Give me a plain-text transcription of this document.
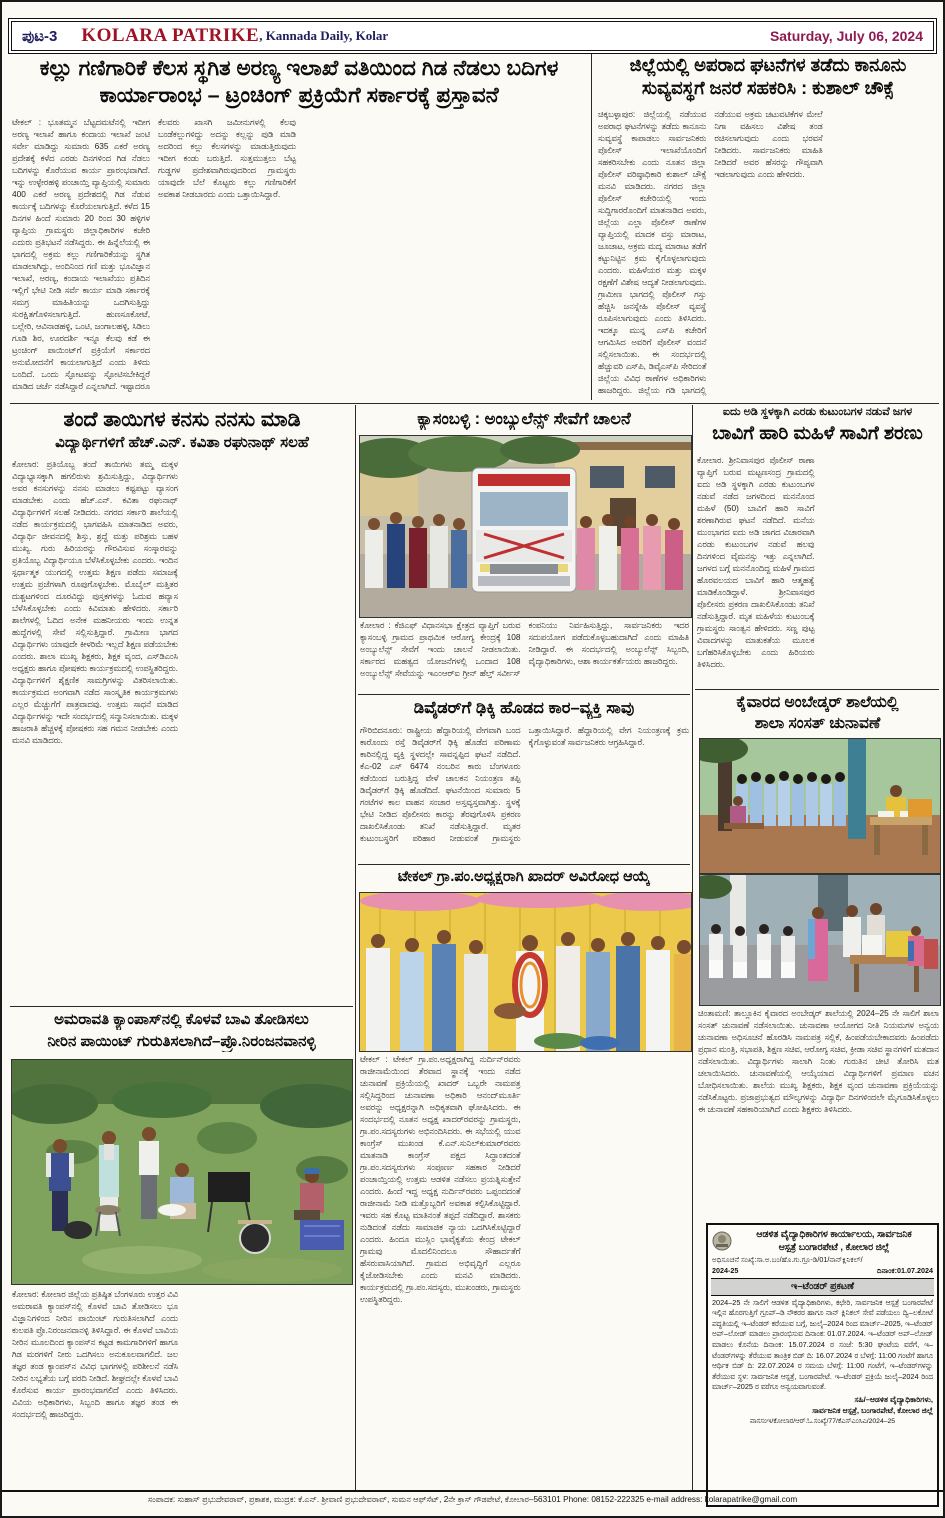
ಪುಟ-3 KOLARA PATRIKE , Kannada Daily, Kolar	Saturday, July 06, 2024
ಕಲ್ಲು ಗಣಿಗಾರಿಕೆ ಕೆಲಸ ಸ್ಥಗಿತ ಅರಣ್ಯ ಇಲಾಖೆ ವತಿಯಿಂದ ಗಿಡ ನೆಡಲು ಬದಿಗಳ ಕಾರ್ಯಾರಾಂಭ – ಟ್ರಂಚಿಂಗ್ ಪ್ರಕ್ರಿಯೆಗೆ ಸರ್ಕಾರಕ್ಕೆ ಪ್ರಸ್ತಾವನೆ
ಟೇಕಲ್ : ಭೂತಮ್ಮನ ಬೆಟ್ಟದಮಟೆನಲ್ಲಿ ಇದೀಗ ಅರಣ್ಯ ಇಲಾಖೆ ಹಾಗೂ ಕಂದಾಯ ಇಲಾಖೆ ಜಂಟಿ ಸರ್ವೇ ಮಾಡಿದ್ದು ಸುಮಾರು 635 ಎಕರೆ ಅರಣ್ಯ ಪ್ರದೇಶಕ್ಕೆ ಕಳೆದ ಎರಡು ದಿನಗಳಿಂದ ಗಿಡ ನೆಡಲು ಬದಿಗಳನ್ನು ಕೊರೆಯುವ ಕಾರ್ಯ ಪ್ರಾರಂಭವಾಗಿದೆ. ಇನ್ನು ಉಳ್ಳೇರಹಳ್ಳಿ ಪಂಚಾಯ್ತಿ ವ್ಯಾಪ್ತಿಯಲ್ಲಿ ಸುಮಾರು 400 ಎಕರೆ ಅರಣ್ಯ ಪ್ರದೇಶದಲ್ಲಿ ಗಿಡ ನೆಡುವ ಕಾರ್ಯಕ್ಕೆ ಬದಿಗಳನ್ನು ಕೊರೆಯಲಾಗುತ್ತಿದೆ. ಕಳೆದ 15 ದಿನಗಳ ಹಿಂದೆ ಸುಮಾರು 20 ರಿಂದ 30 ಹಳ್ಳಿಗಳ ವ್ಯಾಪ್ತಿಯ ಗ್ರಾಮಸ್ಥರು ಜಿಲ್ಲಾಧಿಕಾರಿಗಳ ಕಚೇರಿ ಎದುರು ಪ್ರತಿಭಟನೆ ನಡೆಸಿದ್ದರು. ಈ ಹಿನ್ನೆಲೆಯಲ್ಲಿ ಈ ಭಾಗದಲ್ಲಿ ಅಕ್ರಮ ಕಲ್ಲು ಗಣಿಗಾರಿಕೆಯನ್ನು ಸ್ಥಗಿತ ಮಾಡಲಾಗಿದ್ದು, ಅಂದಿನಿಂದ ಗಣಿ ಮತ್ತು ಭೂವಿಜ್ಞಾನ ಇಲಾಖೆ, ಅರಣ್ಯ, ಕಂದಾಯ ಇಲಾಖೆಯು ಪ್ರತಿದಿನ ಇಲ್ಲಿಗೆ ಭೇಟಿ ನೀಡಿ ಸರ್ವೆ ಕಾರ್ಯ ಮಾಡಿ ಸರ್ಕಾರಕ್ಕೆ ಸಮಗ್ರ ಮಾಹಿತಿಯನ್ನು ಒದಗಿಸುತ್ತಿದ್ದು ಸುರಕ್ಷಿತಗೊಳಿಸಲಾಗುತ್ತಿದೆ. ಹುಣಸೂಕೋಟೆ, ಬಲ್ಲೇರಿ, ಆವಿನಾಡಹಳ್ಳಿ, ಒಂಟಿ, ಜಂಗಾಲಹಳ್ಳಿ, ಸಿಡಿಲು ಗೂಡಿ ಶಿರ, ಊರದರ್ಶಿ ಇನ್ನೂ ಕೆಲವು ಕಡೆ ಈ ಟ್ರಂಚಿಂಗ್ ಪಾಯಿಂಟ್‌ಗೆ ಪ್ರಕ್ರಿಯೆಗೆ ಸರ್ಕಾರದ ಅನುಮೋದನೆಗೆ ಕಾಯಲಾಗುತ್ತಿದೆ ಎಂದು ತಿಳಿದು ಬಂದಿದೆ. ಒಂದು ಸ್ಫೋಟವನ್ನು ಸ್ಫೋಟಿಸಬೇಕಿದ್ದರೆ ಮಾಡಿದ ಚರ್ಚೆ ನಡೆಸಿದ್ದಾರೆ ಎನ್ನಲಾಗಿದೆ. ಇಷ್ಟಾದರೂ ಕೆಲವರು ಖಾಸಗಿ ಜಮೀನುಗಳಲ್ಲಿ ಕೆಲವು ಬಂಡೆಕಲ್ಲುಗಳಿದ್ದು ಅದನ್ನು ಕಲ್ಲನ್ನು ಪುಡಿ ಮಾಡಿ ಅದರಿಂದ ಕಲ್ಲು ಕೆಲಸಗಳನ್ನು ಮಾಡುತ್ತಿರುವುದು ಇದೀಗ ಕಂಡು ಬರುತ್ತಿದೆ. ಸುತ್ತಮುತ್ತಲು ಬೆಟ್ಟ ಗುಡ್ಡಗಳ ಪ್ರದೇಶವಾಗಿರುವುದರಿಂದ ಗ್ರಾಮಸ್ಥರು ಯಾವುದೇ ಬೆಲೆ ಕೊಟ್ಟರು ಕಲ್ಲು ಗಣಿಗಾರಿಕೆಗೆ ಅವಕಾಶ ನೀಡಬಾರದು ಎಂದು ಒತ್ತಾಯಿಸಿದ್ದಾರೆ.
ಜಿಲ್ಲೆಯಲ್ಲಿ ಅಪರಾದ ಘಟನೆಗಳ ತಡೆದು ಕಾನೂನು ಸುವ್ಯವಸ್ಥಗೆ ಜನರೆ ಸಹಕರಿಸಿ : ಕುಶಾಲ್ ಚೌಕ್ಸೆ
ಚಿಕ್ಕಬಳ್ಳಾಪುರ: ಜಿಲ್ಲೆಯಲ್ಲಿ ನಡೆಯುವ ಅಪರಾಧ ಘಟನೆಗಳನ್ನು ತಡೆದು ಕಾನೂನು ಸುವ್ಯವಸ್ಥೆ ಕಾಪಾಡಲು ಸಾರ್ವಜನಿಕರು ಪೊಲೀಸ್ ಇಲಾಖೆಯೊಂದಿಗೆ ಸಹಕರಿಸಬೇಕು ಎಂದು ನೂತನ ಜಿಲ್ಲಾ ಪೊಲೀಸ್ ವರಿಷ್ಠಾಧಿಕಾರಿ ಕುಶಾಲ್ ಚೌಕ್ಸೆ ಮನವಿ ಮಾಡಿದರು. ನಗರದ ಜಿಲ್ಲಾ ಪೊಲೀಸ್ ಕಚೇರಿಯಲ್ಲಿ ಇಂದು ಸುದ್ದಿಗಾರರೊಂದಿಗೆ ಮಾತನಾಡಿದ ಅವರು, ಜಿಲ್ಲೆಯ ಎಲ್ಲಾ ಪೊಲೀಸ್ ಠಾಣೆಗಳ ವ್ಯಾಪ್ತಿಯಲ್ಲಿ ಮಾದಕ ವಸ್ತು ಮಾರಾಟ, ಜೂಜಾಟ, ಅಕ್ರಮ ಮದ್ಯ ಮಾರಾಟ ತಡೆಗೆ ಕಟ್ಟುನಿಟ್ಟಿನ ಕ್ರಮ ಕೈಗೊಳ್ಳಲಾಗುವುದು ಎಂದರು. ಮಹಿಳೆಯರ ಮತ್ತು ಮಕ್ಕಳ ರಕ್ಷಣೆಗೆ ವಿಶೇಷ ಆದ್ಯತೆ ನೀಡಲಾಗುವುದು. ಗ್ರಾಮೀಣ ಭಾಗದಲ್ಲಿ ಪೊಲೀಸ್ ಗಸ್ತು ಹೆಚ್ಚಿಸಿ ಜನಸ್ನೇಹಿ ಪೊಲೀಸ್ ವ್ಯವಸ್ಥೆ ರೂಪಿಸಲಾಗುವುದು ಎಂದು ತಿಳಿಸಿದರು. ಇದಕ್ಕೂ ಮುನ್ನ ಎಸ್‌ಪಿ ಕಚೇರಿಗೆ ಆಗಮಿಸಿದ ಅವರಿಗೆ ಪೊಲೀಸ್ ವಂದನೆ ಸಲ್ಲಿಸಲಾಯಿತು. ಈ ಸಂದರ್ಭದಲ್ಲಿ ಹೆಚ್ಚುವರಿ ಎಸ್‌ಪಿ, ಡಿವೈಎಸ್‌ಪಿ ಸೇರಿದಂತೆ ಜಿಲ್ಲೆಯ ವಿವಿಧ ಠಾಣೆಗಳ ಅಧಿಕಾರಿಗಳು ಹಾಜರಿದ್ದರು. ಜಿಲ್ಲೆಯ ಗಡಿ ಭಾಗದಲ್ಲಿ ನಡೆಯುವ ಅಕ್ರಮ ಚಟುವಟಿಕೆಗಳ ಮೇಲೆ ನಿಗಾ ವಹಿಸಲು ವಿಶೇಷ ತಂಡ ರಚಿಸಲಾಗುವುದು ಎಂದು ಭರವಸೆ ನೀಡಿದರು. ಸಾರ್ವಜನಿಕರು ಮಾಹಿತಿ ನೀಡಿದರೆ ಅವರ ಹೆಸರನ್ನು ಗೌಪ್ಯವಾಗಿ ಇಡಲಾಗುವುದು ಎಂದು ಹೇಳಿದರು.
ತಂದೆ ತಾಯಿಗಳ ಕನಸು ನನಸು ಮಾಡಿ
ವಿದ್ಯಾರ್ಥಿಗಳಿಗೆ ಹೆಚ್.ಎನ್. ಕವಿತಾ ರಘುನಾಥ್ ಸಲಹೆ
ಕೋಲಾರ: ಪ್ರತಿಯೊಬ್ಬ ತಂದೆ ತಾಯಿಗಳು ತಮ್ಮ ಮಕ್ಕಳ ವಿದ್ಯಾಭ್ಯಾಸಕ್ಕಾಗಿ ಹಗಲಿರುಳು ಶ್ರಮಿಸುತ್ತಿದ್ದು, ವಿದ್ಯಾರ್ಥಿಗಳು ಅವರ ಕನಸುಗಳನ್ನು ನನಸು ಮಾಡಲು ಕಷ್ಟಪಟ್ಟು ವ್ಯಾಸಂಗ ಮಾಡಬೇಕು ಎಂದು ಹೆಚ್.ಎನ್. ಕವಿತಾ ರಘುನಾಥ್ ವಿದ್ಯಾರ್ಥಿಗಳಿಗೆ ಸಲಹೆ ನೀಡಿದರು. ನಗರದ ಸರ್ಕಾರಿ ಶಾಲೆಯಲ್ಲಿ ನಡೆದ ಕಾರ್ಯಕ್ರಮದಲ್ಲಿ ಭಾಗವಹಿಸಿ ಮಾತನಾಡಿದ ಅವರು, ವಿದ್ಯಾರ್ಥಿ ಜೀವನದಲ್ಲಿ ಶಿಸ್ತು, ಶ್ರದ್ಧೆ ಮತ್ತು ಪರಿಶ್ರಮ ಬಹಳ ಮುಖ್ಯ. ಗುರು ಹಿರಿಯರನ್ನು ಗೌರವಿಸುವ ಸಂಸ್ಕಾರವನ್ನು ಪ್ರತಿಯೊಬ್ಬ ವಿದ್ಯಾರ್ಥಿಯೂ ಬೆಳೆಸಿಕೊಳ್ಳಬೇಕು ಎಂದರು. ಇಂದಿನ ಸ್ಪರ್ಧಾತ್ಮಕ ಯುಗದಲ್ಲಿ ಉತ್ತಮ ಶಿಕ್ಷಣ ಪಡೆದು ಸಮಾಜಕ್ಕೆ ಉತ್ತಮ ಪ್ರಜೆಗಳಾಗಿ ರೂಪುಗೊಳ್ಳಬೇಕು. ಮೊಬೈಲ್ ಮತ್ತಿತರ ದುಶ್ಚಟಗಳಿಂದ ದೂರವಿದ್ದು ಪುಸ್ತಕಗಳನ್ನು ಓದುವ ಹವ್ಯಾಸ ಬೆಳೆಸಿಕೊಳ್ಳಬೇಕು ಎಂದು ಕಿವಿಮಾತು ಹೇಳಿದರು. ಸರ್ಕಾರಿ ಶಾಲೆಗಳಲ್ಲಿ ಓದಿದ ಅನೇಕ ಮಹನೀಯರು ಇಂದು ಉನ್ನತ ಹುದ್ದೆಗಳಲ್ಲಿ ಸೇವೆ ಸಲ್ಲಿಸುತ್ತಿದ್ದಾರೆ. ಗ್ರಾಮೀಣ ಭಾಗದ ವಿದ್ಯಾರ್ಥಿಗಳು ಯಾವುದೇ ಕೀಳರಿಮೆ ಇಲ್ಲದೆ ಶಿಕ್ಷಣ ಪಡೆಯಬೇಕು ಎಂದರು. ಶಾಲಾ ಮುಖ್ಯ ಶಿಕ್ಷಕರು, ಶಿಕ್ಷಕ ವೃಂದ, ಎಸ್‌ಡಿಎಂಸಿ ಅಧ್ಯಕ್ಷರು ಹಾಗೂ ಪೋಷಕರು ಕಾರ್ಯಕ್ರಮದಲ್ಲಿ ಉಪಸ್ಥಿತರಿದ್ದರು. ವಿದ್ಯಾರ್ಥಿಗಳಿಗೆ ಶೈಕ್ಷಣಿಕ ಸಾಮಗ್ರಿಗಳನ್ನು ವಿತರಿಸಲಾಯಿತು. ಕಾರ್ಯಕ್ರಮದ ಅಂಗವಾಗಿ ನಡೆದ ಸಾಂಸ್ಕೃತಿಕ ಕಾರ್ಯಕ್ರಮಗಳು ಎಲ್ಲರ ಮೆಚ್ಚುಗೆಗೆ ಪಾತ್ರವಾದವು. ಉತ್ತಮ ಸಾಧನೆ ಮಾಡಿದ ವಿದ್ಯಾರ್ಥಿಗಳನ್ನು ಇದೇ ಸಂದರ್ಭದಲ್ಲಿ ಸನ್ಮಾನಿಸಲಾಯಿತು. ಮಕ್ಕಳ ಹಾಜರಾತಿ ಹೆಚ್ಚಳಕ್ಕೆ ಪೋಷಕರು ಸಹ ಗಮನ ನೀಡಬೇಕು ಎಂದು ಮನವಿ ಮಾಡಿದರು.
ಅಮರಾವತಿ ಕ್ಯಾಂಪಾಸ್‌ನಲ್ಲಿ ಕೊಳವೆ ಬಾವಿ ತೋಡಿಸಲು
ನೀರಿನ ಪಾಯಿಂಟ್ ಗುರುತಿಸಲಾಗಿದೆ–ಪ್ರೊ.ನಿರಂಜನವಾನಳ್ಳಿ
ಕೋಲಾರ: ಕೋಲಾರ ಜಿಲ್ಲೆಯ ಪ್ರತಿಷ್ಠಿತ ಬೆಂಗಳೂರು ಉತ್ತರ ವಿವಿ ಅಮರಾವತಿ ಕ್ಯಾಂಪಸ್‌ನಲ್ಲಿ ಕೊಳವೆ ಬಾವಿ ತೋಡಿಸಲು ಭೂ ವಿಜ್ಞಾನಿಗಳಿಂದ ನೀರಿನ ಪಾಯಿಂಟ್ ಗುರುತಿಸಲಾಗಿದೆ ಎಂದು ಕುಲಪತಿ ಪ್ರೊ.ನಿರಂಜನವಾನಳ್ಳಿ ತಿಳಿಸಿದ್ದಾರೆ. ಈ ಕೊಳವೆ ಬಾವಿಯ ನೀರಿನ ಮೂಲದಿಂದ ಕ್ಯಾಂಪಸ್‌ನ ಕಟ್ಟಡ ಕಾಮಗಾರಿಗಳಿಗೆ ಹಾಗೂ ಗಿಡ ಮರಗಳಿಗೆ ನೀರು ಒದಗಿಸಲು ಅನುಕೂಲವಾಗಲಿದೆ. ಜಲ ತಜ್ಞರ ತಂಡ ಕ್ಯಾಂಪಸ್‌ನ ವಿವಿಧ ಭಾಗಗಳಲ್ಲಿ ಪರಿಶೀಲನೆ ನಡೆಸಿ ನೀರಿನ ಲಭ್ಯತೆಯ ಬಗ್ಗೆ ವರದಿ ನೀಡಿದೆ. ಶೀಘ್ರದಲ್ಲೇ ಕೊಳವೆ ಬಾವಿ ಕೊರೆಸುವ ಕಾರ್ಯ ಪ್ರಾರಂಭವಾಗಲಿದೆ ಎಂದು ತಿಳಿಸಿದರು. ವಿವಿಯ ಅಧಿಕಾರಿಗಳು, ಸಿಬ್ಬಂದಿ ಹಾಗೂ ತಜ್ಞರ ತಂಡ ಈ ಸಂದರ್ಭದಲ್ಲಿ ಹಾಜರಿದ್ದರು.
ಕ್ಯಾಸಂಬಳ್ಳಿ : ಅಂಬ್ಯುಲೆನ್ಸ್ ಸೇವೆಗೆ ಚಾಲನೆ
ಕೋಲಾರ : ಕೆಜಿಎಫ್ ವಿಧಾನಸಭಾ ಕ್ಷೇತ್ರದ ವ್ಯಾಪ್ತಿಗೆ ಬರುವ ಕ್ಯಾಸಂಬಳ್ಳಿ ಗ್ರಾಮದ ಪ್ರಾಥಮಿಕ ಆರೋಗ್ಯ ಕೇಂದ್ರಕ್ಕೆ 108 ಅಂಬ್ಯುಲೆನ್ಸ್ ಸೇವೆಗೆ ಇಂದು ಚಾಲನೆ ನೀಡಲಾಯಿತು. ಸರ್ಕಾರದ ಮಹತ್ವದ ಯೋಜನೆಗಳಲ್ಲಿ ಒಂದಾದ 108 ಅಂಬ್ಯುಲೆನ್ಸ್ ಸೇವೆಯನ್ನು ಇಎಂಆರ್‌ಐ ಗ್ರೀನ್ ಹೆಲ್ತ್ ಸರ್ವೀಸ್ ಕಂಪನಿಯು ನಿರ್ವಹಿಸುತ್ತಿದ್ದು, ಸಾರ್ವಜನಿಕರು ಇದರ ಸದುಪಯೋಗ ಪಡೆದುಕೊಳ್ಳಬಹುದಾಗಿದೆ ಎಂದು ಮಾಹಿತಿ ನೀಡಿದ್ದಾರೆ. ಈ ಸಂದರ್ಭದಲ್ಲಿ ಅಂಬ್ಯುಲೆನ್ಸ್ ಸಿಬ್ಬಂದಿ, ವೈದ್ಯಾಧಿಕಾರಿಗಳು, ಆಶಾ ಕಾರ್ಯಕರ್ತೆಯರು ಹಾಜರಿದ್ದರು.
ಡಿವೈಡರ್‌ಗೆ ಢಿಕ್ಕಿ ಹೊಡದ ಕಾರ–ವ್ಯಕ್ತಿ ಸಾವು
ಗೌರಿಬಿದನೂರು: ರಾಷ್ಟ್ರೀಯ ಹೆದ್ದಾರಿಯಲ್ಲಿ ವೇಗವಾಗಿ ಬಂದ ಕಾರೊಂದು ರಸ್ತೆ ಡಿವೈಡರ್‌ಗೆ ಢಿಕ್ಕಿ ಹೊಡೆದ ಪರಿಣಾಮ ಕಾರಿನಲ್ಲಿದ್ದ ವ್ಯಕ್ತಿ ಸ್ಥಳದಲ್ಲೇ ಸಾವನ್ನಪ್ಪಿದ ಘಟನೆ ನಡೆದಿದೆ. ಕೆಎ-02 ಎಸ್ 6474 ನಂಬರಿನ ಕಾರು ಬೆಂಗಳೂರು ಕಡೆಯಿಂದ ಬರುತ್ತಿದ್ದ ವೇಳೆ ಚಾಲಕನ ನಿಯಂತ್ರಣ ತಪ್ಪಿ ಡಿವೈಡರ್‌ಗೆ ಢಿಕ್ಕಿ ಹೊಡೆದಿದೆ. ಘಟನೆಯಿಂದ ಸುಮಾರು 5 ಗಂಟೆಗಳ ಕಾಲ ವಾಹನ ಸಂಚಾರ ಅಸ್ತವ್ಯಸ್ತವಾಗಿತ್ತು. ಸ್ಥಳಕ್ಕೆ ಭೇಟಿ ನೀಡಿದ ಪೊಲೀಸರು ಕಾರನ್ನು ತೆರವುಗೊಳಿಸಿ ಪ್ರಕರಣ ದಾಖಲಿಸಿಕೊಂಡು ತನಿಖೆ ನಡೆಸುತ್ತಿದ್ದಾರೆ. ಮೃತರ ಕುಟುಂಬಸ್ಥರಿಗೆ ಪರಿಹಾರ ನೀಡುವಂತೆ ಗ್ರಾಮಸ್ಥರು ಒತ್ತಾಯಿಸಿದ್ದಾರೆ. ಹೆದ್ದಾರಿಯಲ್ಲಿ ವೇಗ ನಿಯಂತ್ರಣಕ್ಕೆ ಕ್ರಮ ಕೈಗೊಳ್ಳುವಂತೆ ಸಾರ್ವಜನಿಕರು ಆಗ್ರಹಿಸಿದ್ದಾರೆ.
ಟೇಕಲ್ ಗ್ರಾ.ಪಂ.ಅಧ್ಯಕ್ಷರಾಗಿ ಖಾದರ್ ಅವಿರೋಧ ಆಯ್ಕೆ
ಟೇಕಲ್ : ಟೇಕಲ್ ಗ್ರಾ.ಪಂ.ಅಧ್ಯಕ್ಷರಾಗಿದ್ದ ನುರ್ದಿನ್‌ರವರು ರಾಜೀನಾಮೆಯಿಂದ ತೆರವಾದ ಸ್ಥಾನಕ್ಕೆ ಇಂದು ನಡೆದ ಚುನಾವಣೆ ಪ್ರಕ್ರಿಯೆಯಲ್ಲಿ ಖಾದರ್ ಒಬ್ಬರೇ ನಾಮಪತ್ರ ಸಲ್ಲಿಸಿದ್ದರಿಂದ ಚುನಾವಣಾ ಅಧಿಕಾರಿ ಆನಂದ್‌ಮೂರ್ತಿ ಅವರನ್ನು ಅಧ್ಯಕ್ಷರನ್ನಾಗಿ ಅಧಿಕೃತವಾಗಿ ಘೋಷಿಸಿದರು. ಈ ಸಂದರ್ಭದಲ್ಲಿ ನೂತನ ಅಧ್ಯಕ್ಷ ಖಾದರ್‌ರವರನ್ನು ಗ್ರಾಮಸ್ಥರು, ಗ್ರಾ.ಪಂ.ಸದಸ್ಯರುಗಳು ಅಭಿನಂದಿಸಿದರು. ಈ ಸಭೆಯಲ್ಲಿ ಯುವ ಕಾಂಗ್ರೆಸ್ ಮುಖಂಡ ಕೆ.ಎನ್.ಸುನಿಲ್‌ಕುಮಾರ್‌ರವರು ಮಾತನಾಡಿ ಕಾಂಗ್ರೆಸ್ ಪಕ್ಷದ ಸಿದ್ಧಾಂತದಂತೆ ಗ್ರಾ.ಪಂ.ಸದಸ್ಯರುಗಳು ಸಂಪೂರ್ಣ ಸಹಕಾರ ನೀಡಿದರೆ ಪಂಚಾಯ್ತಿಯಲ್ಲಿ ಉತ್ತಮ ಆಡಳಿತ ನಡೆಸಲು ಪ್ರಯತ್ನಿಸುತ್ತೇನೆ ಎಂದರು. ಹಿಂದೆ ಇದ್ದ ಅಧ್ಯಕ್ಷ ನುರ್ದಿನ್‌ರವರು ಒಪ್ಪಂದದಂತೆ ರಾಜೀನಾಮೆ ನೀಡಿ ಮತ್ತೊಬ್ಬರಿಗೆ ಅವಕಾಶ ಕಲ್ಪಿಸಿಕೊಟ್ಟಿದ್ದಾರೆ. ಇವರು ಸಹ ಕೊಟ್ಟ ಮಾತಿನಂತೆ ತಪ್ಪದೆ ನಡೆದಿದ್ದಾರೆ. ಶಾಸಕರು ನುಡಿದಂತೆ ನಡೆದು ಸಾಮಾಜಿಕ ನ್ಯಾಯ ಒದಗಿಸಿಕೊಟ್ಟಿದ್ದಾರೆ ಎಂದರು. ಹಿಂದೂ ಮುಸ್ಲಿಂ ಭಾವೈಕ್ಯತೆಯ ಕೇಂದ್ರ ಟೇಕಲ್ ಗ್ರಾಮವು ಮೊದಲಿನಿಂದಲೂ ಸೌಹಾರ್ದತೆಗೆ ಹೆಸರುವಾಸಿಯಾಗಿದೆ. ಗ್ರಾಮದ ಅಭಿವೃದ್ಧಿಗೆ ಎಲ್ಲರೂ ಕೈಜೋಡಿಸಬೇಕು ಎಂದು ಮನವಿ ಮಾಡಿದರು. ಕಾರ್ಯಕ್ರಮದಲ್ಲಿ ಗ್ರಾ.ಪಂ.ಸದಸ್ಯರು, ಮುಖಂಡರು, ಗ್ರಾಮಸ್ಥರು ಉಪಸ್ಥಿತರಿದ್ದರು.
ಐದು ಅಡಿ ಸ್ಥಳಕ್ಕಾಗಿ ಎರಡು ಕುಟುಂಬಗಳ ನಡುವೆ ಜಗಳ
ಬಾವಿಗೆ ಹಾರಿ ಮಹಿಳೆ ಸಾವಿಗೆ ಶರಣು
ಕೋಲಾರ. ಶ್ರೀನಿವಾಸಪುರ ಪೊಲೀಸ್ ಠಾಣಾ ವ್ಯಾಪ್ತಿಗೆ ಬರುವ ಮಟ್ಟಣಸಂದ್ರ ಗ್ರಾಮದಲ್ಲಿ ಐದು ಅಡಿ ಸ್ಥಳಕ್ಕಾಗಿ ಎರಡು ಕುಟುಂಬಗಳ ನಡುವೆ ನಡೆದ ಜಗಳದಿಂದ ಮನನೊಂದ ಮಹಿಳೆ (50) ಬಾವಿಗೆ ಹಾರಿ ಸಾವಿಗೆ ಶರಣಾಗಿರುವ ಘಟನೆ ನಡೆದಿದೆ. ಮನೆಯ ಮುಂಭಾಗದ ಐದು ಅಡಿ ಜಾಗದ ವಿಚಾರವಾಗಿ ಎರಡು ಕುಟುಂಬಗಳ ನಡುವೆ ಹಲವು ದಿನಗಳಿಂದ ವೈಮನಸ್ಸು ಇತ್ತು ಎನ್ನಲಾಗಿದೆ. ಜಗಳದ ಬಗ್ಗೆ ಮನನೊಂದಿದ್ದ ಮಹಿಳೆ ಗ್ರಾಮದ ಹೊರವಲಯದ ಬಾವಿಗೆ ಹಾರಿ ಆತ್ಮಹತ್ಯೆ ಮಾಡಿಕೊಂಡಿದ್ದಾಳೆ. ಶ್ರೀನಿವಾಸಪುರ ಪೊಲೀಸರು ಪ್ರಕರಣ ದಾಖಲಿಸಿಕೊಂಡು ತನಿಖೆ ನಡೆಸುತ್ತಿದ್ದಾರೆ. ಮೃತ ಮಹಿಳೆಯ ಕುಟುಂಬಕ್ಕೆ ಗ್ರಾಮಸ್ಥರು ಸಾಂತ್ವನ ಹೇಳಿದರು. ಸಣ್ಣ ಪುಟ್ಟ ವಿವಾದಗಳನ್ನು ಮಾತುಕತೆಯ ಮೂಲಕ ಬಗೆಹರಿಸಿಕೊಳ್ಳಬೇಕು ಎಂದು ಹಿರಿಯರು ತಿಳಿಸಿದರು.
ಕೈವಾರದ ಅಂಬೇಡ್ಕರ್ ಶಾಲೆಯಲ್ಲಿ
ಶಾಲಾ ಸಂಸತ್ ಚುನಾವಣೆ
ಚಿಂತಾಮಣಿ: ತಾಲ್ಲೂಕಿನ ಕೈವಾರದ ಅಂಬೇಡ್ಕರ್ ಶಾಲೆಯಲ್ಲಿ 2024–25 ನೇ ಸಾಲಿಗೆ ಶಾಲಾ ಸಂಸತ್ ಚುನಾವಣೆ ನಡೆಸಲಾಯಿತು. ಚುನಾವಣಾ ಆಯೋಗದ ನೀತಿ ನಿಯಮಗಳ ಅನ್ವಯ ಚುನಾವಣಾ ಅಧಿಸೂಚನೆ ಹೊರಡಿಸಿ ನಾಮಪತ್ರ ಸಲ್ಲಿಕೆ, ಹಿಂಪಡೆಯಬೇಕಾದವರು ಹಿಂಪಡೆದು ಪ್ರಧಾನ ಮಂತ್ರಿ, ಸಭಾಪತಿ, ಶಿಕ್ಷಣ ಸಚಿವ, ಆರೋಗ್ಯ ಸಚಿವ, ಕ್ರೀಡಾ ಸಚಿವ ಸ್ಥಾನಗಳಿಗೆ ಮತದಾನ ನಡೆಸಲಾಯಿತು. ವಿದ್ಯಾರ್ಥಿಗಳು ಸಾಲಾಗಿ ನಿಂತು ಗುರುತಿನ ಚೀಟಿ ತೋರಿಸಿ ಮತ ಚಲಾಯಿಸಿದರು. ಚುನಾವಣೆಯಲ್ಲಿ ಆಯ್ಕೆಯಾದ ವಿದ್ಯಾರ್ಥಿಗಳಿಗೆ ಪ್ರಮಾಣ ವಚನ ಬೋಧಿಸಲಾಯಿತು. ಶಾಲೆಯ ಮುಖ್ಯ ಶಿಕ್ಷಕರು, ಶಿಕ್ಷಕ ವೃಂದ ಚುನಾವಣಾ ಪ್ರಕ್ರಿಯೆಯನ್ನು ನಡೆಸಿಕೊಟ್ಟರು. ಪ್ರಜಾಪ್ರಭುತ್ವದ ಮೌಲ್ಯಗಳನ್ನು ವಿದ್ಯಾರ್ಥಿ ದಿನಗಳಿಂದಲೇ ಮೈಗೂಡಿಸಿಕೊಳ್ಳಲು ಈ ಚುನಾವಣೆ ಸಹಕಾರಿಯಾಗಿದೆ ಎಂದು ಶಿಕ್ಷಕರು ತಿಳಿಸಿದರು.
ಆಡಳಿತ ವೈದ್ಯಾಧಿಕಾರಿಗಳ ಕಾರ್ಯಾಲಯ, ಸಾರ್ವಜನಿಕ
ಆಸ್ಪತ್ರೆ ಬಂಗಾರಪೇಟೆ , ಕೋಲಾರ ಜಿಲ್ಲೆ
ಅಧಿಸೂಚನೆ ಸಂಖ್ಯೆ:ಸಾ.ಅ.ಬಂ/ಹೊ.ಗು.ಗ್ರೂ-ಡಿ/01/ನಾನ್‌ಕ್ಲಿನಿಕಲ್/
2024-25	ದಿನಾಂಕ:01.07.2024
ಇ–ಟೆಂಡರ್ ಪ್ರಕಟಣೆ
2024–25 ನೇ ಸಾಲಿಗೆ ಆಡಳಿತ ವೈದ್ಯಾಧಿಕಾರಿಗಳು, ಕಛೇರಿ, ಸಾರ್ವಜನಿಕ ಆಸ್ಪತ್ರೆ ಬಂಗಾರಪೇಟೆ ಇಲ್ಲಿನ ಹೊರಗುತ್ತಿಗೆ ಗ್ರೂಪ್–ಡಿ ನೌಕರರ ಹಾಗೂ ನಾನ್ ಕ್ಲಿನಿಕಲ್ ಸೇವೆ ಪಡೆಯಲು ದ್ವಿ–ಲಕೋಟೆ ಪದ್ಧತಿಯಲ್ಲಿ ಇ–ಟೆಂಡರ್ ಕರೆಯುವ ಬಗ್ಗೆ, ಜುಲೈ–2024 ರಿಂದ ಮಾರ್ಚ್–2025, ಇ–ಟೆಂಡರ್ ಅಪ್–ಲೋಡ್ ಮಾಡಲು ಪ್ರಾರಂಭಿಸುವ ದಿನಾಂಕ: 01.07.2024. ಇ–ಟೆಂಡರ್ ಅಪ್–ಲೋಡ್ ಮಾಡಲು ಕೊನೆಯ ದಿನಾಂಕ: 15.07.2024 ರ ಸಂಜೆ: 5:30 ಘಂಟೆಯ ವರೆಗೆ, ಇ–ಟೆಂಡರ್‌ಗಳನ್ನು ತೆರೆಯುವ ತಾಂತ್ರಿಕ ಬಿಡ್ ದಿ: 16.07.2024 ರ ಬೆಳಗ್ಗೆ: 11:00 ಗಂಟೆಗೆ ಹಾಗೂ ಆರ್ಥಿಕ ಬಿಡ್ ದಿ: 22.07.2024 ರ ಸಮಯ ಬೆಳಗ್ಗೆ: 11:00 ಗಂಟೆಗೆ, ಇ–ಟೆಂಡರ್‌ಗಳನ್ನು ತೆರೆಯುವ ಸ್ಥಳ: ಸಾರ್ವಜನಿಕ ಆಸ್ಪತ್ರೆ, ಬಂಗಾರಪೇಟೆ. ಇ–ಟೆಂಡರ್ ಪ್ರಕ್ರಿಯೆ ಜುಲೈ–2024 ರಿಂದ ಮಾರ್ಚ್–2025 ರ ವರೆಗೂ ಅನ್ವಯವಾಗುವಂತೆ.
ಸಹಿ/–ಆಡಳಿತ ವೈದ್ಯಾಧಿಕಾರಿಗಳು,
ಸಾರ್ವಜನಿಕ ಆಸ್ಪತ್ರೆ, ಬಂಗಾರಪೇಟೆ, ಕೋಲಾರ ಜಿಲ್ಲೆ
ವಾಸಸಂಇ/ಕೋಲಾರ/ಆರ್.ಓ.ಸಂಖ್ಯೆ/77/ಕೆಎಸ್ಎಂಸಿಎ/2024–25
ಸಂಪಾದಕ: ಸುಹಾಸ್ ಪ್ರಭುದೇವರಾವ್, ಪ್ರಕಾಶಕ, ಮುದ್ರಕ: ಕೆ.ಎನ್. ಶ್ರೀವಾಣಿ ಪ್ರಭುದೇವರಾವ್, ಸುಮನ ಆಫ್‌ಸೆಟ್, 2ನೇ ಕ್ರಾಸ್ ಗೌಡಪೇಟೆ, ಕೋಲಾರ–563101 Phone: 08152-222325 e-mail address: kolarapatrike@gmail.com
